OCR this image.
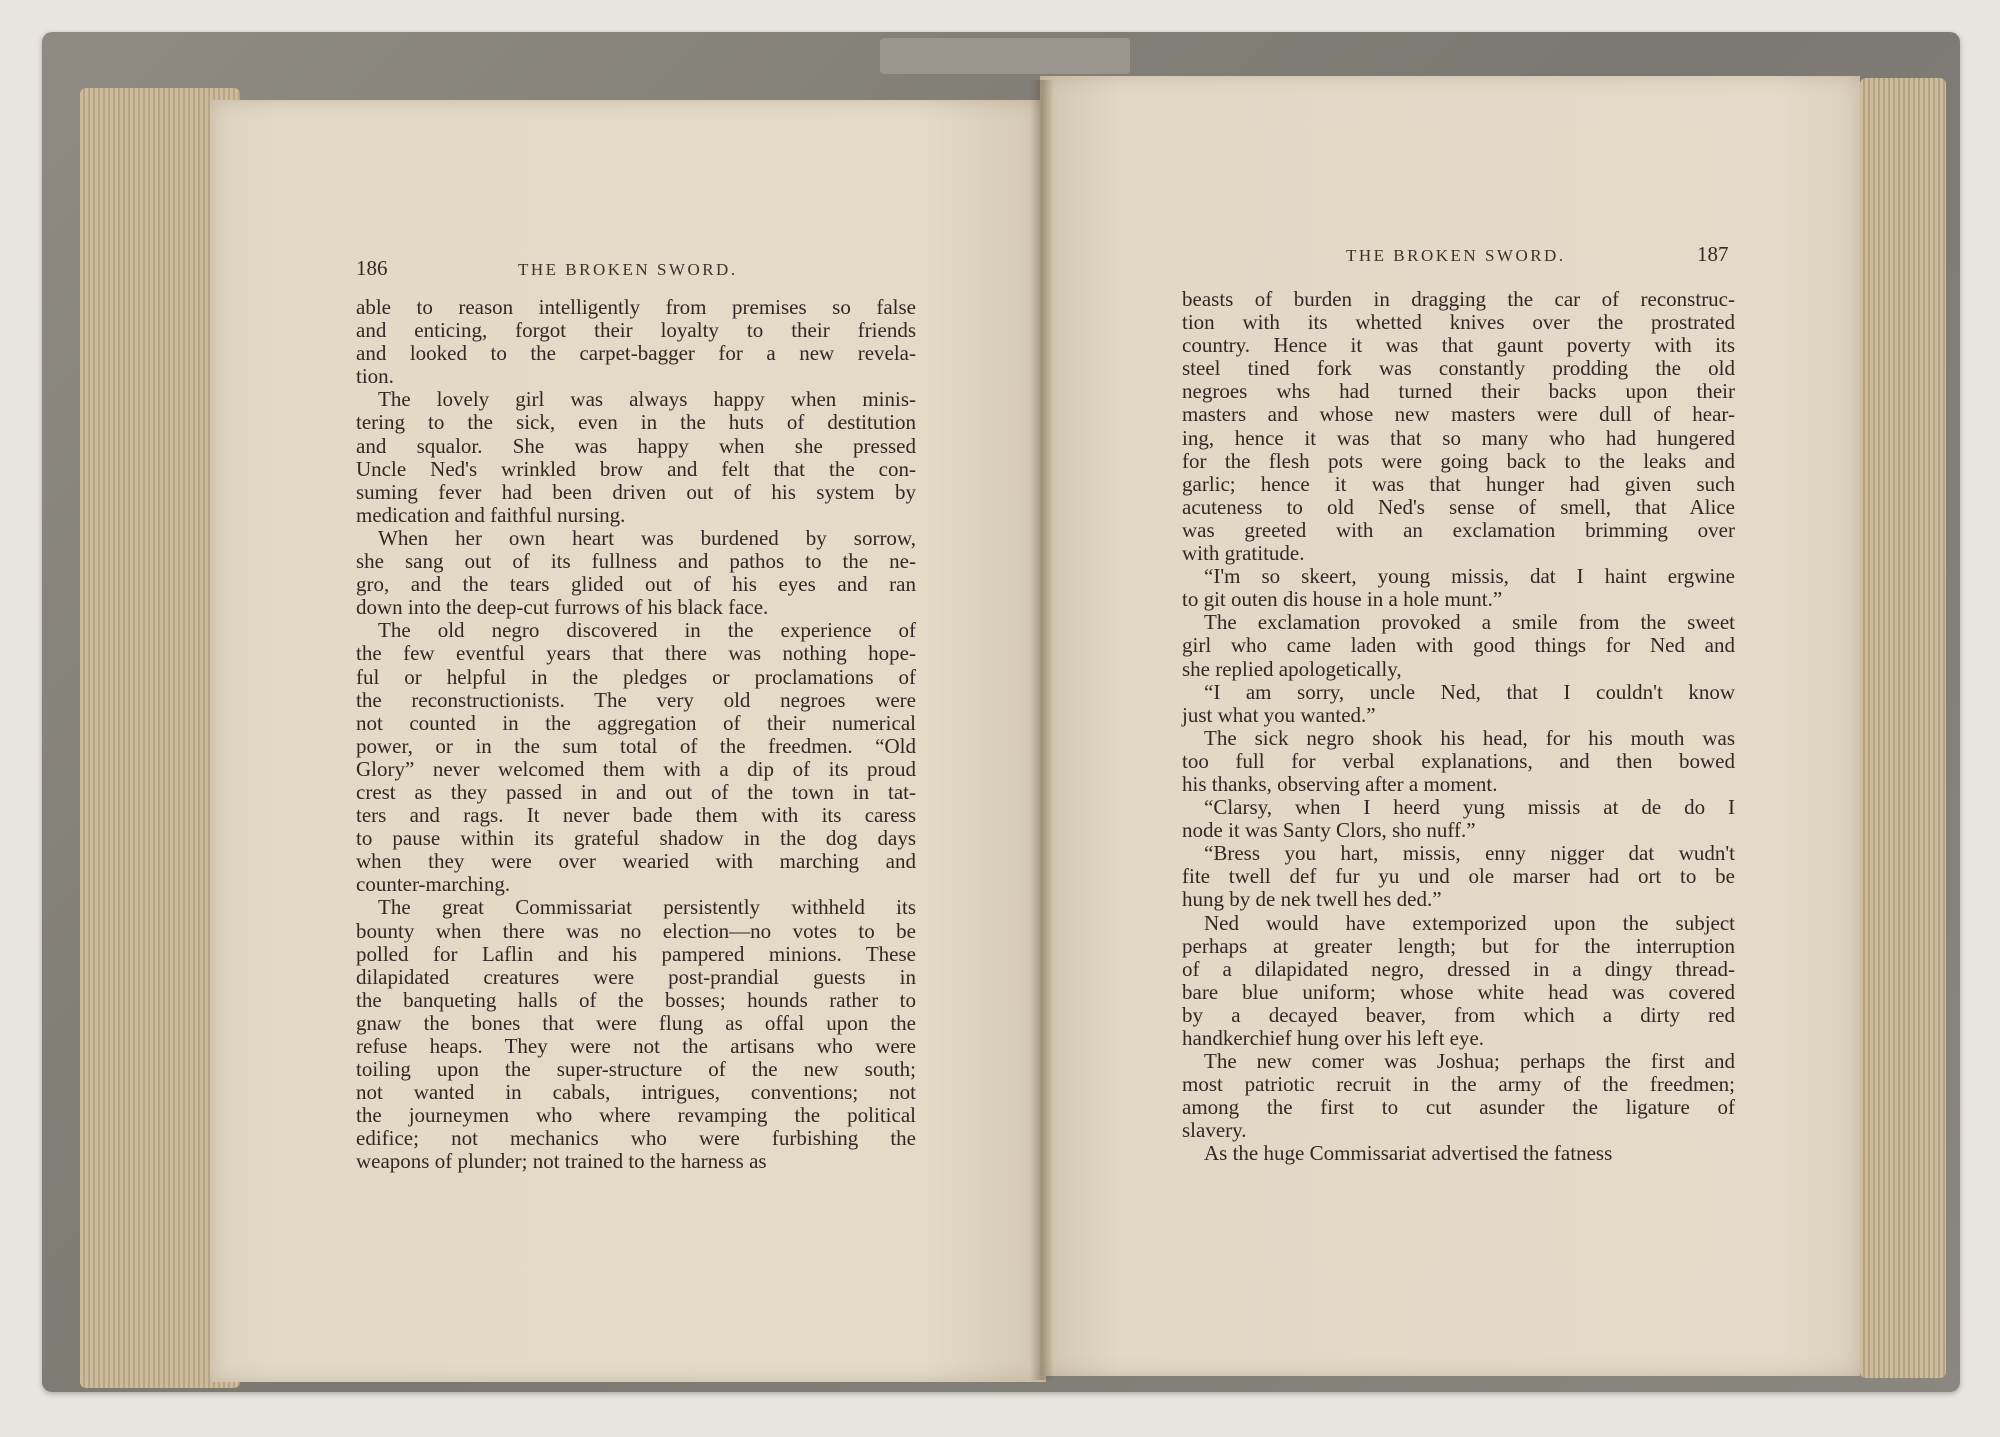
186	THE BROKEN SWORD.
able to reason intelligently from premises so false
and enticing, forgot their loyalty to their friends
and looked to the carpet-bagger for a new revela-
tion.
The lovely girl was always happy when minis-
tering to the sick, even in the huts of destitution
and squalor. She was happy when she pressed
Uncle Ned's wrinkled brow and felt that the con-
suming fever had been driven out of his system by
medication and faithful nursing.
When her own heart was burdened by sorrow,
she sang out of its fullness and pathos to the ne-
gro, and the tears glided out of his eyes and ran
down into the deep-cut furrows of his black face.
The old negro discovered in the experience of
the few eventful years that there was nothing hope-
ful or helpful in the pledges or proclamations of
the reconstructionists. The very old negroes were
not counted in the aggregation of their numerical
power, or in the sum total of the freedmen. “Old
Glory” never welcomed them with a dip of its proud
crest as they passed in and out of the town in tat-
ters and rags. It never bade them with its caress
to pause within its grateful shadow in the dog days
when they were over wearied with marching and
counter-marching.
The great Commissariat persistently withheld its
bounty when there was no election—no votes to be
polled for Laflin and his pampered minions. These
dilapidated creatures were post-prandial guests in
the banqueting halls of the bosses; hounds rather to
gnaw the bones that were flung as offal upon the
refuse heaps. They were not the artisans who were
toiling upon the super-structure of the new south;
not wanted in cabals, intrigues, conventions; not
the journeymen who where revamping the political
edifice; not mechanics who were furbishing the
weapons of plunder; not trained to the harness as
THE BROKEN SWORD.	187
beasts of burden in dragging the car of reconstruc-
tion with its whetted knives over the prostrated
country. Hence it was that gaunt poverty with its
steel tined fork was constantly prodding the old
negroes whs had turned their backs upon their
masters and whose new masters were dull of hear-
ing, hence it was that so many who had hungered
for the flesh pots were going back to the leaks and
garlic; hence it was that hunger had given such
acuteness to old Ned's sense of smell, that Alice
was greeted with an exclamation brimming over
with gratitude.
“I'm so skeert, young missis, dat I haint ergwine
to git outen dis house in a hole munt.”
The exclamation provoked a smile from the sweet
girl who came laden with good things for Ned and
she replied apologetically,
“I am sorry, uncle Ned, that I couldn't know
just what you wanted.”
The sick negro shook his head, for his mouth was
too full for verbal explanations, and then bowed
his thanks, observing after a moment.
“Clarsy, when I heerd yung missis at de do I
node it was Santy Clors, sho nuff.”
“Bress you hart, missis, enny nigger dat wudn't
fite twell def fur yu und ole marser had ort to be
hung by de nek twell hes ded.”
Ned would have extemporized upon the subject
perhaps at greater length; but for the interruption
of a dilapidated negro, dressed in a dingy thread-
bare blue uniform; whose white head was covered
by a decayed beaver, from which a dirty red
handkerchief hung over his left eye.
The new comer was Joshua; perhaps the first and
most patriotic recruit in the army of the freedmen;
among the first to cut asunder the ligature of
slavery.
As the huge Commissariat advertised the fatness
